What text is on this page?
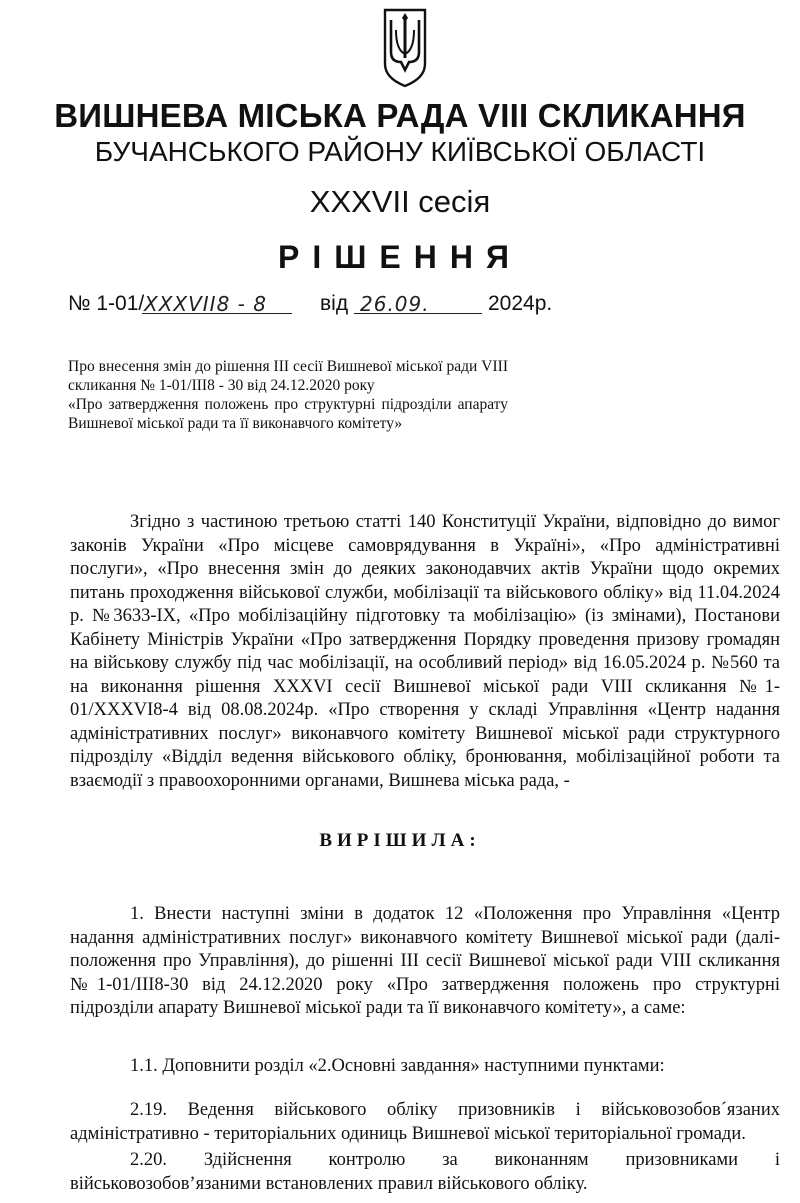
ВИШНЕВА МІСЬКА РАДА VIII СКЛИКАННЯ
БУЧАНСЬКОГО РАЙОНУ КИЇВСЬКОЇ ОБЛАСТІ
XXXVII сесія
РІШЕННЯ
№ 1-01/ XXXVII8 - 8	від 26.09.	2024р.

Про внесення змін до рішення ІІІ сесії Вишневої міської ради VIII скликання № 1-01/ІІІ8 - 30 від 24.12.2020 року

«Про затвердження положень про структурні підрозділи апарату Вишневої міської ради та її виконавчого комітету»

Згідно з частиною третьою статті 140 Конституції України, відповідно до вимог законів України «Про місцеве самоврядування в Україні», «Про адміністративні послуги», «Про внесення змін до деяких законодавчих актів України щодо окремих питань проходження військової служби, мобілізації та військового обліку» від 11.04.2024 р. №3633-ІХ, «Про мобілізаційну підготовку та мобілізацію» (із змінами), Постанови Кабінету Міністрів України «Про затвердження Порядку проведення призову громадян на військову службу під час мобілізації, на особливий період» від 16.05.2024 р. №560 та на виконання рішення XXXVI сесії Вишневої міської ради VIII скликання №1-01/XXXVI8-4 від 08.08.2024р. «Про створення у складі Управління «Центр надання адміністративних послуг» виконавчого комітету Вишневої міської ради структурного підрозділу «Відділ ведення військового обліку, бронювання, мобілізаційної роботи та взаємодії з правоохоронними органами, Вишнева міська рада, -
ВИРІШИЛА:
1. Внести наступні зміни в додаток 12 «Положення про Управління «Центр надання адміністративних послуг» виконавчого комітету Вишневої міської ради (далі- положення про Управління), до рішенні ІІІ сесії Вишневої міської ради VIII скликання №1-01/ІІІ8-30 від 24.12.2020 року «Про затвердження положень про структурні підрозділи апарату Вишневої міської ради та її виконавчого комітету», а саме:
1.1. Доповнити розділ «2.Основні завдання» наступними пунктами:
2.19. Ведення військового обліку призовників і військовозобов´язаних адміністративно - територіальних одиниць Вишневої міської територіальної громади.
2.20. Здійснення контролю за виконанням призовниками і військовозобов’язаними встановлених правил військового обліку.
